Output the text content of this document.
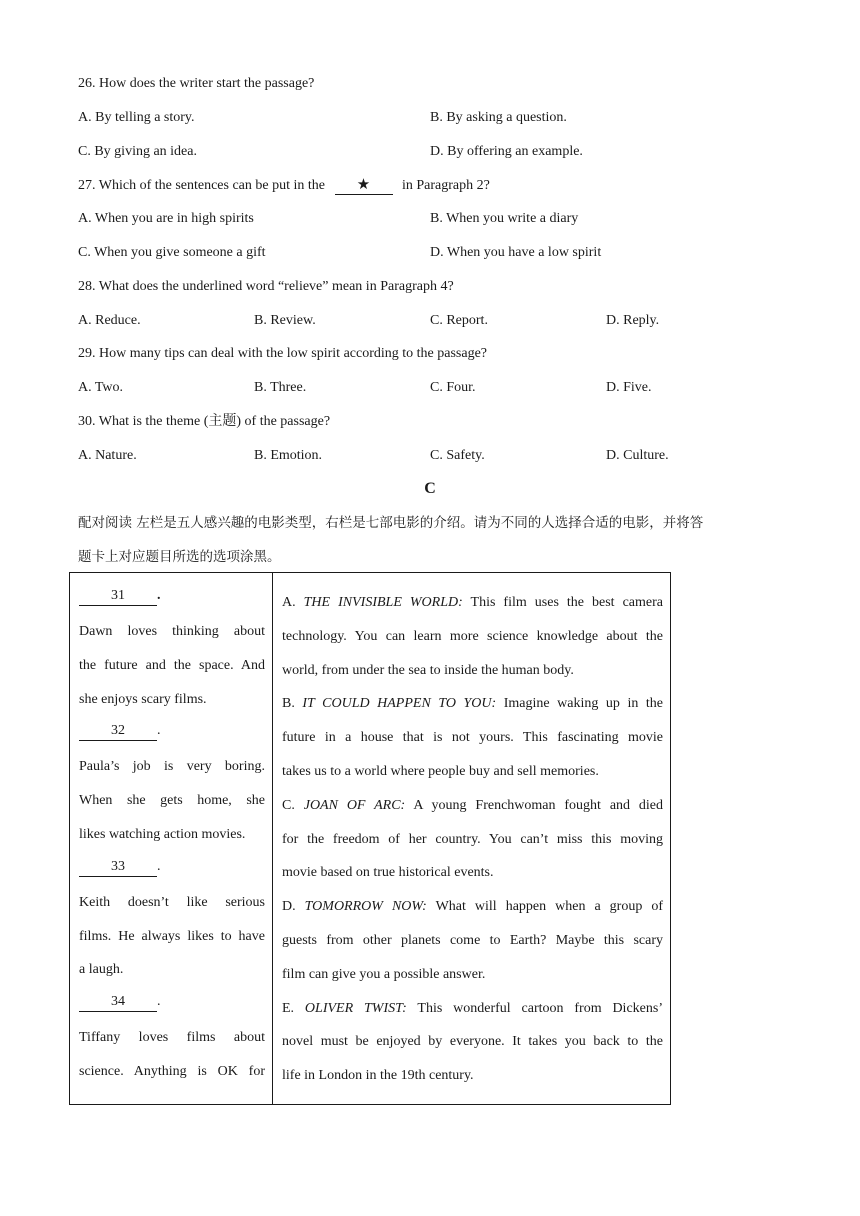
26. How does the writer start the passage?
A. By telling a story.	B. By asking a question.
C. By giving an idea.	D. By offering an example.
27. Which of the sentences can be put in the ★ in Paragraph 2?
A. When you are in high spirits	B. When you write a diary
C. When you give someone a gift	D. When you have a low spirit
28. What does the underlined word “relieve” mean in Paragraph 4?
A. Reduce.	B. Review.	C. Report.	D. Reply.
29. How many tips can deal with the low spirit according to the passage?
A. Two.	B. Three.	C. Four.	D. Five.
30. What is the theme (主题) of the passage?
A. Nature.	B. Emotion.	C. Safety.	D. Culture.
C
配对阅读 左栏是五人感兴趣的电影类型，右栏是七部电影的介绍。请为不同的人选择合适的电影，并将答
题卡上对应题目所选的选项涂黑。
31 .

Dawn loves thinking about

the future and the space. And

she enjoys scary films.

32 .

Paula’s job is very boring.

When she gets home, she

likes watching action movies.

33 .

Keith doesn’t like serious

films. He always likes to have

a laugh.

34 .

Tiffany loves films about

science. Anything is OK for

A. THE INVISIBLE WORLD: This film uses the best camera

technology. You can learn more science knowledge about the

world, from under the sea to inside the human body.

B. IT COULD HAPPEN TO YOU: Imagine waking up in the

future in a house that is not yours. This fascinating movie

takes us to a world where people buy and sell memories.

C. JOAN OF ARC: A young Frenchwoman fought and died

for the freedom of her country. You can’t miss this moving

movie based on true historical events.

D. TOMORROW NOW: What will happen when a group of

guests from other planets come to Earth? Maybe this scary

film can give you a possible answer.

E. OLIVER TWIST: This wonderful cartoon from Dickens’

novel must be enjoyed by everyone. It takes you back to the

life in London in the 19th century.
